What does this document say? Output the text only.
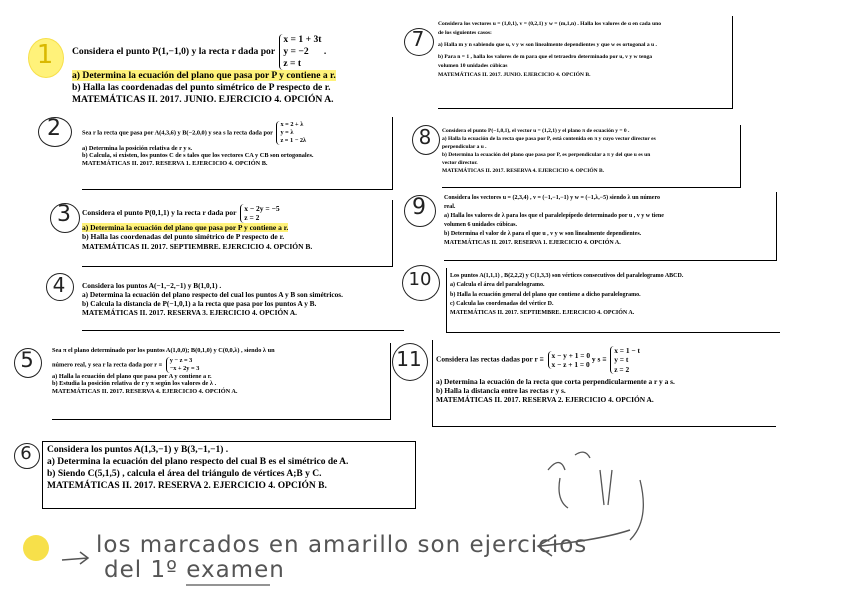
Considera el punto P(1,−1,0) y la recta r dada por
x = 1 + 3t
y = −2
z = t
.
a) Determina la ecuación del plano que pasa por P y contiene a r.
b) Halla las coordenadas del punto simétrico de P respecto de r.
MATEMÁTICAS II. 2017. JUNIO. EJERCICIO 4. OPCIÓN A.
Sea r la recta que pasa por A(4,3,6) y B(−2,0,0) y sea s la recta dada por
x = 2 + λ
y = λ
z = 1 − 2λ
a) Determina la posición relativa de r y s.
b) Calcula, si existen, los puntos C de s tales que los vectores CA y CB son ortogonales.
MATEMÁTICAS II. 2017. RESERVA 1. EJERCICIO 4. OPCIÓN B.
Considera el punto P(0,1,1) y la recta r dada por x − 2y = −5
z = 2
a) Determina la ecuación del plano que pasa por P y contiene a r.
b) Halla las coordenadas del punto simétrico de P respecto de r.
MATEMÁTICAS II. 2017. SEPTIEMBRE. EJERCICIO 4. OPCIÓN B.
Considera los puntos A(−1,−2,−1) y B(1,0,1) .
a) Determina la ecuación del plano respecto del cual los puntos A y B son simétricos.
b) Calcula la distancia de P(−1,0,1) a la recta que pasa por los puntos A y B.
MATEMÁTICAS II. 2017. RESERVA 3. EJERCICIO 4. OPCIÓN A.
Sea π el plano determinado por los puntos A(1,0,0); B(0,1,0) y C(0,0,λ) , siendo λ un
número real, y sea r la recta dada por r ≡
y − z = 3
−x + 2y = 3
a) Halla la ecuación del plano que pasa por A y contiene a r.
b) Estudia la posición relativa de r y π según los valores de λ .
MATEMÁTICAS II. 2017. RESERVA 4. EJERCICIO 4. OPCIÓN A.
Considera los puntos A(1,3,−1) y B(3,−1,−1) .
a) Determina la ecuación del plano respecto del cual B es el simétrico de A.
b) Siendo C(5,1,5) , calcula el área del triángulo de vértices A;B y C.
MATEMÁTICAS II. 2017. RESERVA 2. EJERCICIO 4. OPCIÓN B.
Considera los vectores u = (1,0,1), v = (0,2,1) y w = (m,1,n) . Halla los valores de α en cada uno
de los siguientes casos:
a) Halla m y n sabiendo que u, v y w son linealmente dependientes y que w es ortogonal a u .
b) Para n = 1 , halla los valores de m para que el tetraedro determinado por u, v y w tenga
volumen 10 unidades cúbicas
MATEMÁTICAS II. 2017. JUNIO. EJERCICIO 4. OPCIÓN B.
Considera el punto P(−1,0,1), el vector u = (1,2,1) y el plano π de ecuación y = 0 .
a) Halla la ecuación de la recta que pasa por P, está contenida en π y cuyo vector director es
perpendicular a u .
b) Determina la ecuación del plano que pasa por P, es perpendicular a π y del que u es un
vector director.
MATEMÁTICAS II. 2017. RESERVA 4. EJERCICIO 4. OPCIÓN B.
Considera los vectores u = (2,3,4) , v = (−1,−1,−1) y w = (−1,λ,−5) siendo λ un número
real.
a) Halla los valores de λ para los que el paralelepípedo determinado por u , v y w tiene
volumen 6 unidades cúbicas.
b) Determina el valor de λ para el que u , v y w son linealmente dependientes.
MATEMÁTICAS II. 2017. RESERVA 1. EJERCICIO 4. OPCIÓN A.
Los puntos A(1,1,1) , B(2,2,2) y C(1,3,3) son vértices consecutivos del paralelogramo ABCD.
a) Calcula el área del paralelogramo.
b) Halla la ecuación general del plano que contiene a dicho paralelogramo.
c) Calcula las coordenadas del vértice D.
MATEMÁTICAS II. 2017. SEPTIEMBRE. EJERCICIO 4. OPCIÓN A.
Considera las rectas dadas por r ≡ x − y + 1 = 0
x − z + 1 = 0
y s ≡
x = 1 − t
y = t
z = 2
a) Determina la ecuación de la recta que corta perpendicularmente a r y a s.
b) Halla la distancia entre las rectas r y s.
MATEMÁTICAS II. 2017. RESERVA 2. EJERCICIO 4. OPCIÓN A.
1
2
3
4
5
6
7
8
9
10
11
los marcados en amarillo son ejercicios
del 1º examen
